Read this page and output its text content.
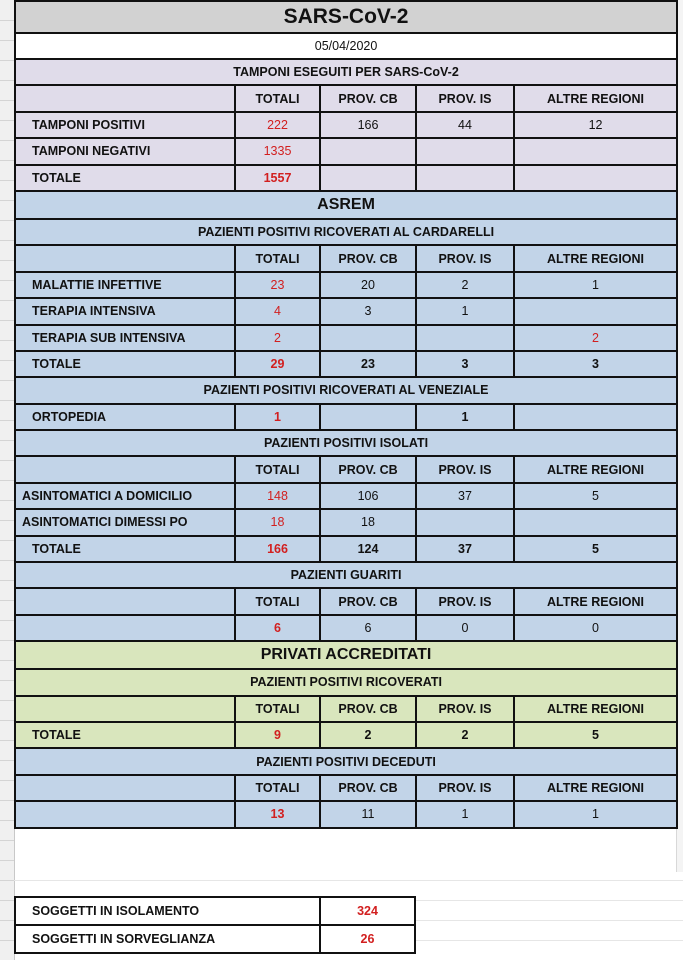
SARS-CoV-2				
05/04/2020				
TAMPONI ESEGUITI PER SARS-CoV-2				
	TOTALI	PROV. CB	PROV. IS	ALTRE REGIONI
TAMPONI POSITIVI	222	166	44	12
TAMPONI NEGATIVI	1335			
TOTALE	1557			
ASREM				
PAZIENTI POSITIVI RICOVERATI AL CARDARELLI				
	TOTALI	PROV. CB	PROV. IS	ALTRE REGIONI
MALATTIE INFETTIVE	23	20	2	1
TERAPIA INTENSIVA	4	3	1	
TERAPIA SUB INTENSIVA	2			2
TOTALE	29	23	3	3
PAZIENTI POSITIVI RICOVERATI AL VENEZIALE				
ORTOPEDIA	1		1	
PAZIENTI POSITIVI ISOLATI				
	TOTALI	PROV. CB	PROV. IS	ALTRE REGIONI
ASINTOMATICI A DOMICILIO	148	106	37	5
ASINTOMATICI DIMESSI PO	18	18		
TOTALE	166	124	37	5
PAZIENTI GUARITI				
	TOTALI	PROV. CB	PROV. IS	ALTRE REGIONI
	6	6	0	0
PRIVATI ACCREDITATI				
PAZIENTI POSITIVI RICOVERATI				
	TOTALI	PROV. CB	PROV. IS	ALTRE REGIONI
TOTALE	9	2	2	5
PAZIENTI POSITIVI DECEDUTI				
	TOTALI	PROV. CB	PROV. IS	ALTRE REGIONI
	13	11	1	1
SOGGETTI IN ISOLAMENTO	324
SOGGETTI IN SORVEGLIANZA	26
